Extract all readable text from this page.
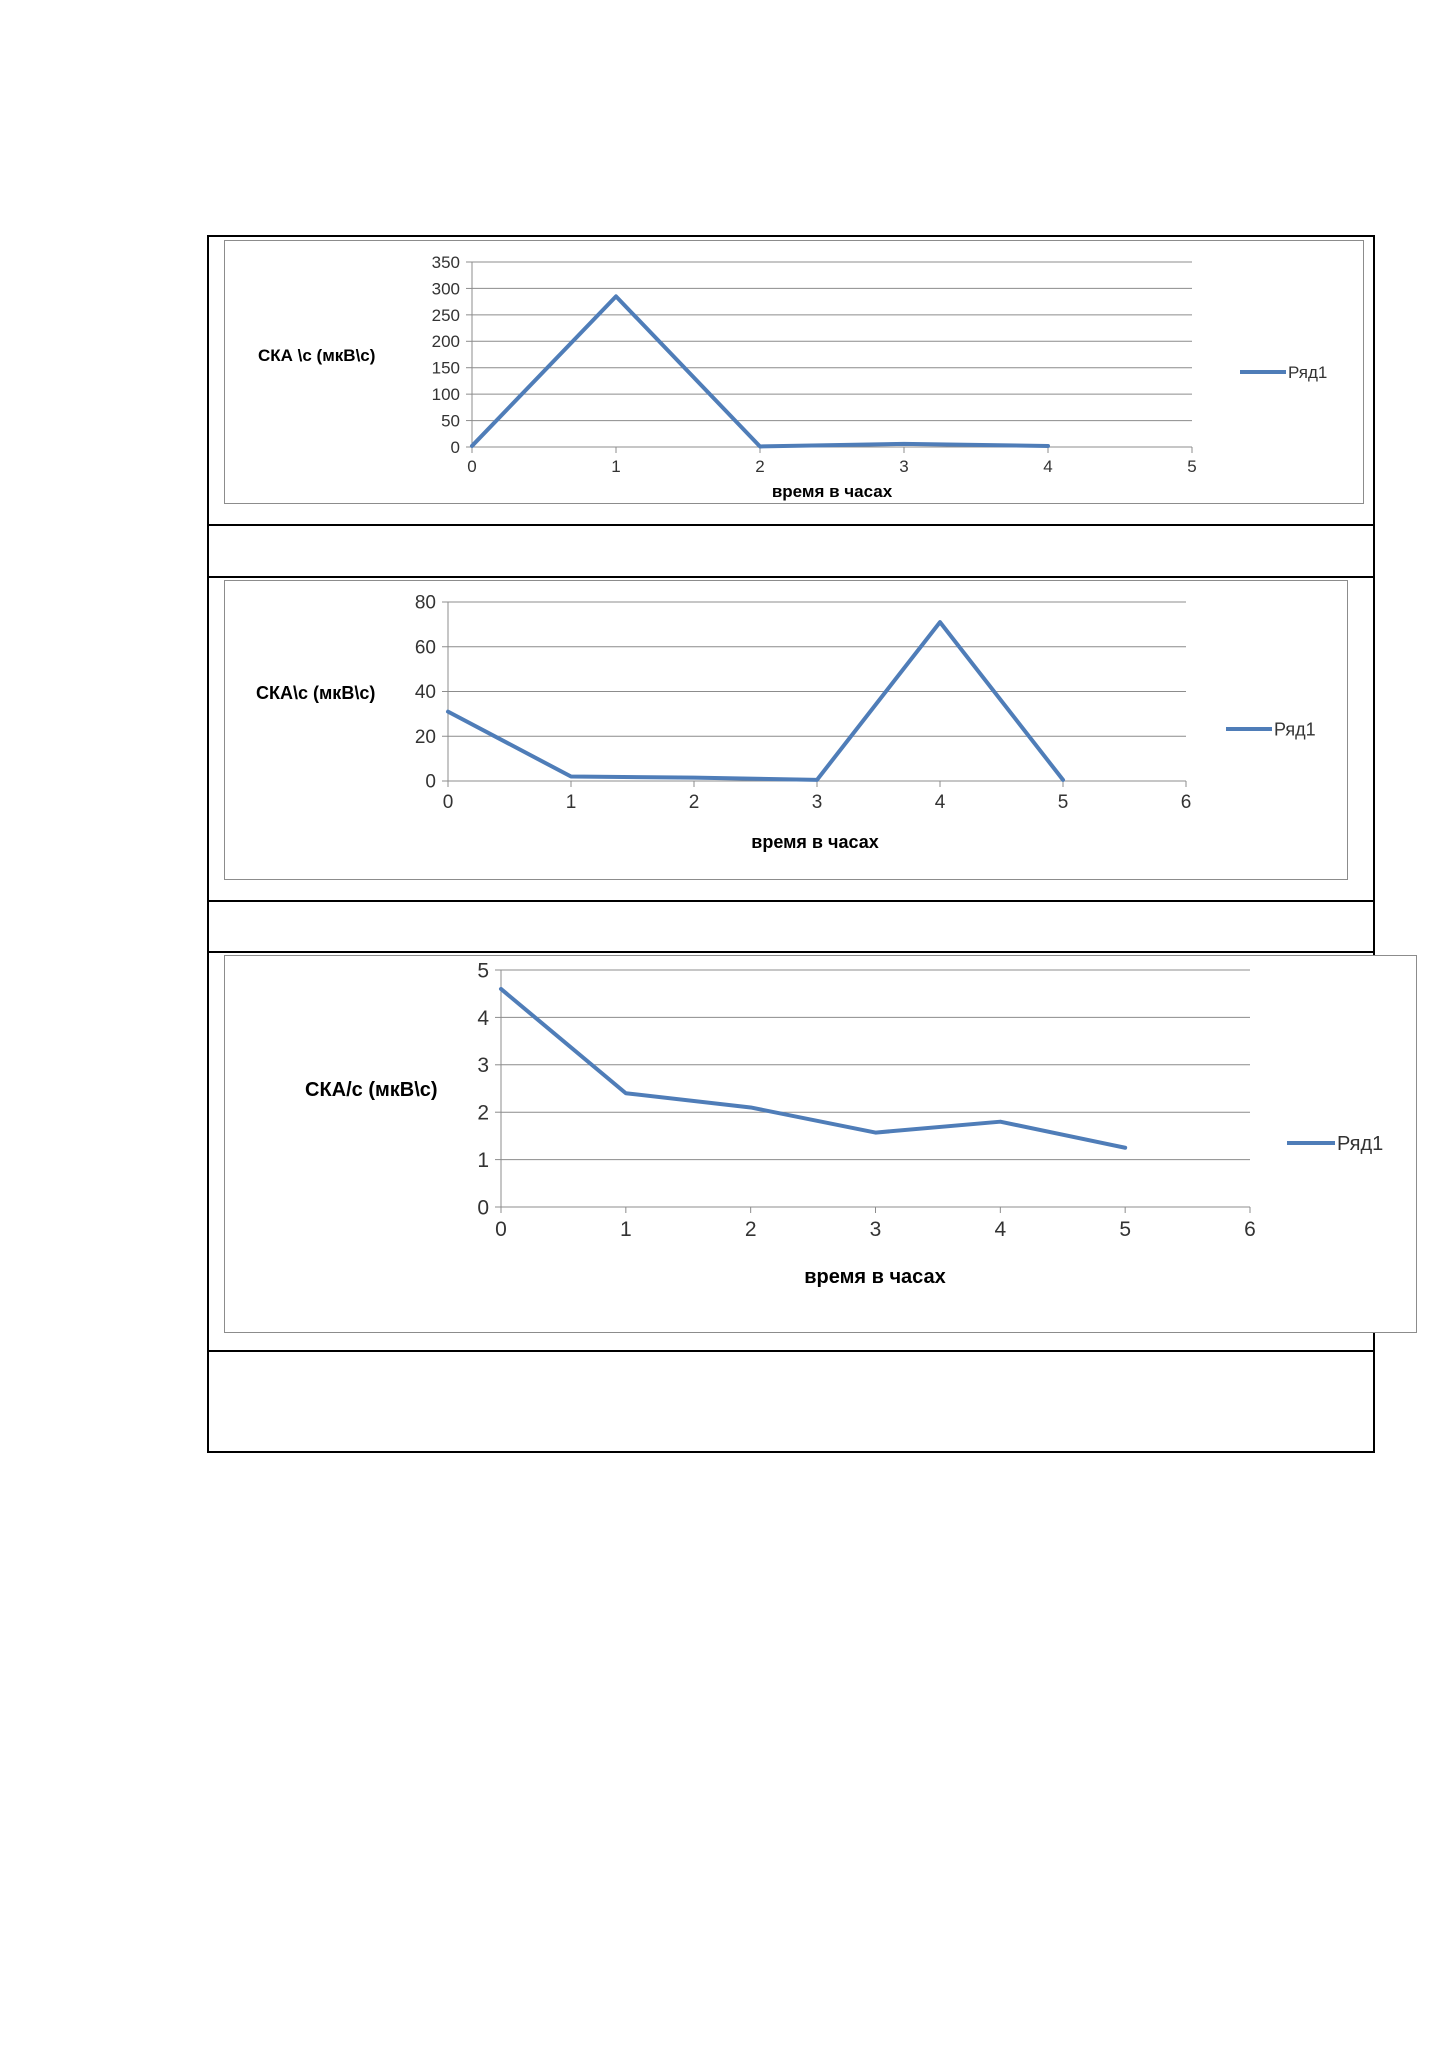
0
50
100
150
200
250
300
350
0	1	2	3	4	5
СКА \с (мкВ\с)
время в часах
Ряд1
0
20
40
60
80
0	1	2	3	4	5	6
СКА\с (мкВ\с)
время в часах
Ряд1
0
1
2
3
4
5
0	1	2	3	4	5	6
СКА/с (мкВ\с)
время в часах
Ряд1
